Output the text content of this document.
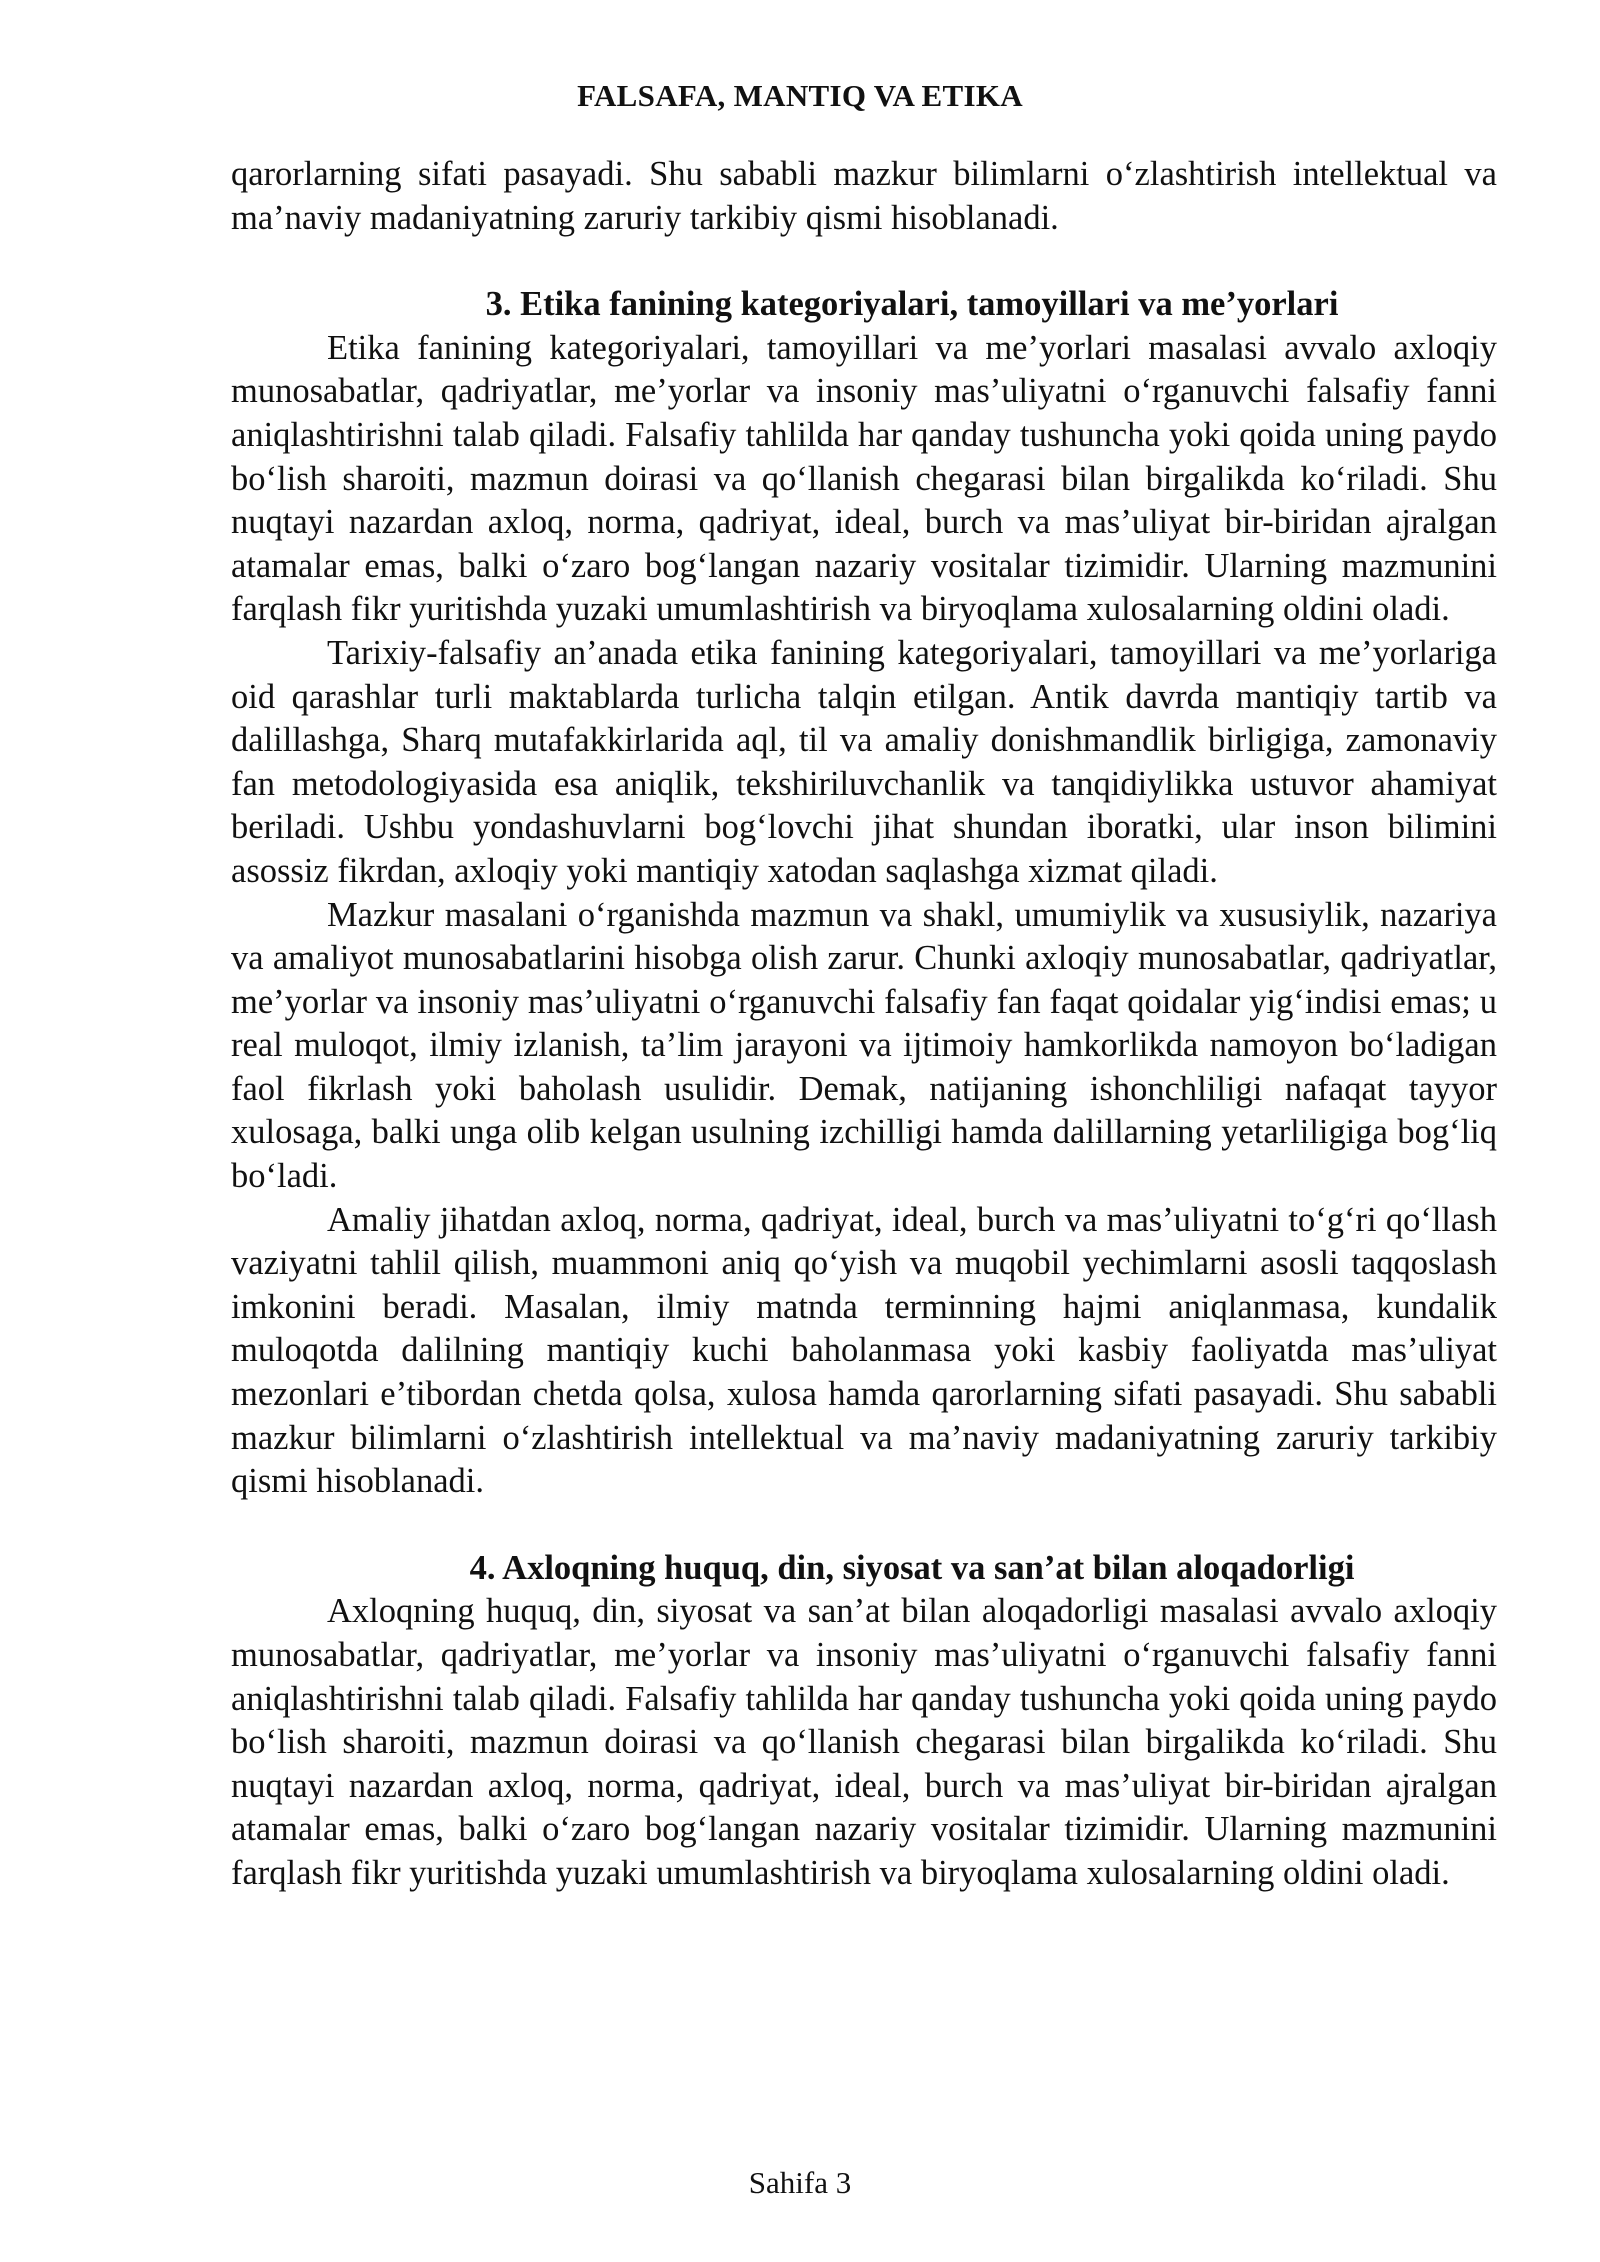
FALSAFA, MANTIQ VA ETIKA

qarorlarning sifati pasayadi. Shu sababli mazkur bilimlarni o‘zlashtirish intellektual va ma’naviy madaniyatning zaruriy tarkibiy qismi hisoblanadi.

3. Etika fanining kategoriyalari, tamoyillari va me’yorlari

Etika fanining kategoriyalari, tamoyillari va me’yorlari masalasi avvalo axloqiy munosabatlar, qadriyatlar, me’yorlar va insoniy mas’uliyatni o‘rganuvchi falsafiy fanni aniqlashtirishni talab qiladi. Falsafiy tahlilda har qanday tushuncha yoki qoida uning paydo bo‘lish sharoiti, mazmun doirasi va qo‘llanish chegarasi bilan birgalikda ko‘riladi. Shu nuqtayi nazardan axloq, norma, qadriyat, ideal, burch va mas’uliyat bir-biridan ajralgan atamalar emas, balki o‘zaro bog‘langan nazariy vositalar tizimidir. Ularning mazmunini farqlash fikr yuritishda yuzaki umumlashtirish va biryoqlama xulosalarning oldini oladi.

Tarixiy-falsafiy an’anada etika fanining kategoriyalari, tamoyillari va me’yorlariga oid qarashlar turli maktablarda turlicha talqin etilgan. Antik davrda mantiqiy tartib va dalillashga, Sharq mutafakkirlarida aql, til va amaliy donishmandlik birligiga, zamonaviy fan metodologiyasida esa aniqlik, tekshiriluvchanlik va tanqidiylikka ustuvor ahamiyat beriladi. Ushbu yondashuvlarni bog‘lovchi jihat shundan iboratki, ular inson bilimini asossiz fikrdan, axloqiy yoki mantiqiy xatodan saqlashga xizmat qiladi.

Mazkur masalani o‘rganishda mazmun va shakl, umumiylik va xususiylik, nazariya va amaliyot munosabatlarini hisobga olish zarur. Chunki axloqiy munosabatlar, qadriyatlar, me’yorlar va insoniy mas’uliyatni o‘rganuvchi falsafiy fan faqat qoidalar yig‘indisi emas; u real muloqot, ilmiy izlanish, ta’lim jarayoni va ijtimoiy hamkorlikda namoyon bo‘ladigan faol fikrlash yoki baholash usulidir. Demak, natijaning ishonchliligi nafaqat tayyor xulosaga, balki unga olib kelgan usulning izchilligi hamda dalillarning yetarliligiga bog‘liq bo‘ladi.

Amaliy jihatdan axloq, norma, qadriyat, ideal, burch va mas’uliyatni to‘g‘ri qo‘llash vaziyatni tahlil qilish, muammoni aniq qo‘yish va muqobil yechimlarni asosli taqqoslash imkonini beradi. Masalan, ilmiy matnda terminning hajmi aniqlanmasa, kundalik muloqotda dalilning mantiqiy kuchi baholanmasa yoki kasbiy faoliyatda mas’uliyat mezonlari e’tibordan chetda qolsa, xulosa hamda qarorlarning sifati pasayadi. Shu sababli mazkur bilimlarni o‘zlashtirish intellektual va ma’naviy madaniyatning zaruriy tarkibiy qismi hisoblanadi.

4. Axloqning huquq, din, siyosat va san’at bilan aloqadorligi

Axloqning huquq, din, siyosat va san’at bilan aloqadorligi masalasi avvalo axloqiy munosabatlar, qadriyatlar, me’yorlar va insoniy mas’uliyatni o‘rganuvchi falsafiy fanni aniqlashtirishni talab qiladi. Falsafiy tahlilda har qanday tushuncha yoki qoida uning paydo bo‘lish sharoiti, mazmun doirasi va qo‘llanish chegarasi bilan birgalikda ko‘riladi. Shu nuqtayi nazardan axloq, norma, qadriyat, ideal, burch va mas’uliyat bir-biridan ajralgan atamalar emas, balki o‘zaro bog‘langan nazariy vositalar tizimidir. Ularning mazmunini farqlash fikr yuritishda yuzaki umumlashtirish va biryoqlama xulosalarning oldini oladi.

Sahifa 3
